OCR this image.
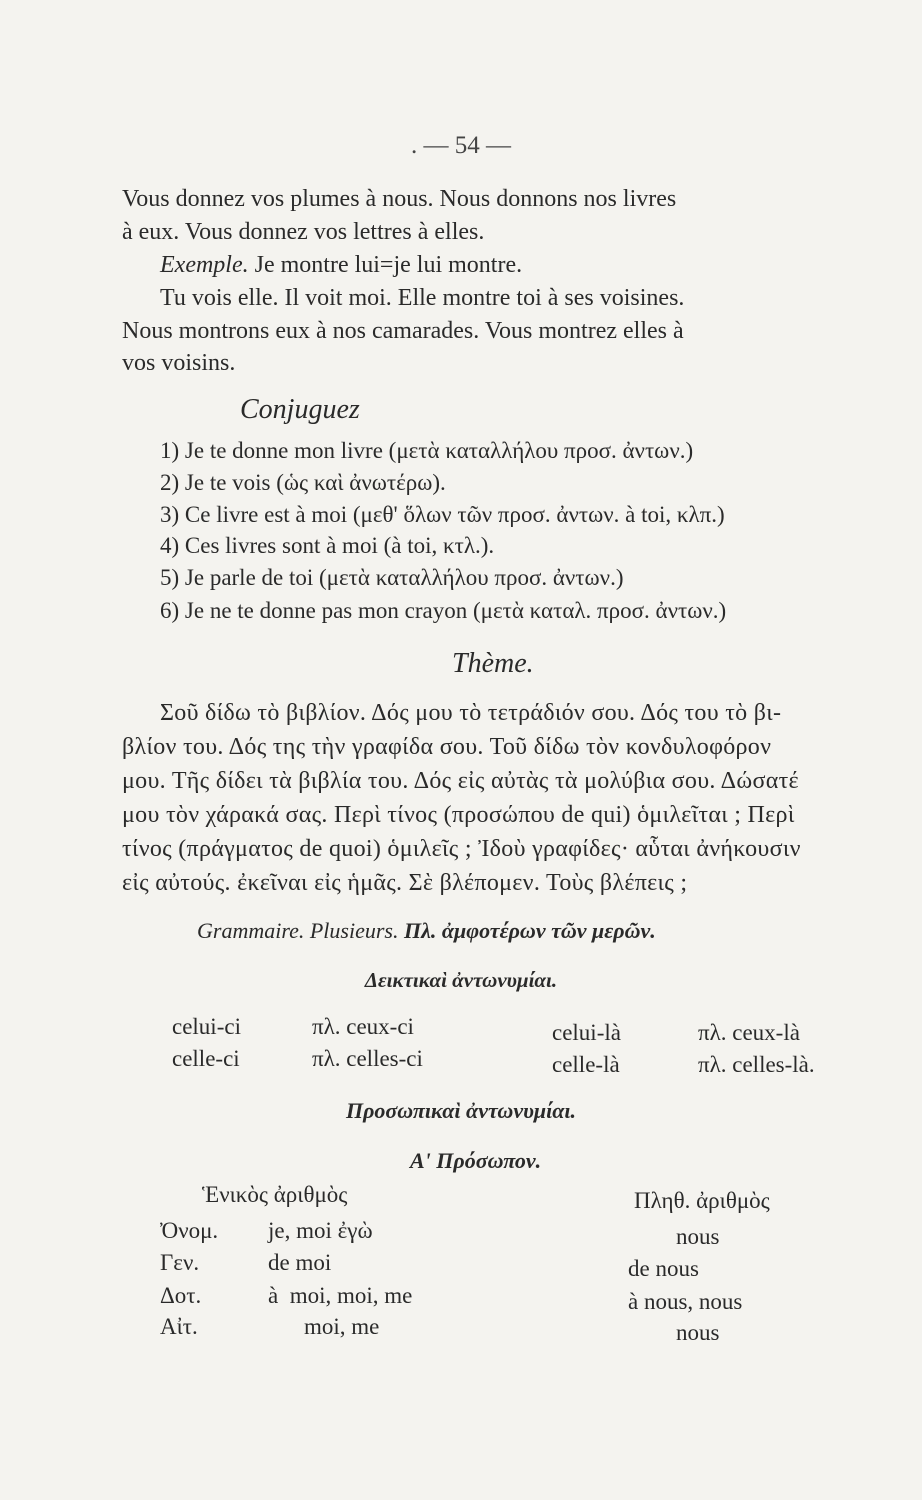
. — 54 —
Vous donnez vos plumes à nous. Nous donnons nos livres
à eux. Vous donnez vos lettres à elles.
Exemple. Je montre lui=je lui montre.
Tu vois elle. Il voit moi. Elle montre toi à ses voisines.
Nous montrons eux à nos camarades. Vous montrez elles à
vos voisins.
Conjuguez
1) Je te donne mon livre (μετὰ καταλλήλου προσ. ἀντων.)
2) Je te vois (ὡς καὶ ἀνωτέρω).
3) Ce livre est à moi (μεθ' ὅλων τῶν προσ. ἀντων. à toi, κλπ.)
4) Ces livres sont à moi (à toi, κτλ.).
5) Je parle de toi (μετὰ καταλλήλου προσ. ἀντων.)
6) Je ne te donne pas mon crayon (μετὰ καταλ. προσ. ἀντων.)
Thème.
Σοῦ δίδω τὸ βιβλίον. Δός μου τὸ τετράδιόν σου. Δός του τὸ βι-
βλίον του. Δός της τὴν γραφίδα σου. Τοῦ δίδω τὸν κονδυλοφόρον
μου. Τῆς δίδει τὰ βιβλία του. Δός εἰς αὐτὰς τὰ μολύβια σου. Δώσατέ
μου τὸν χάρακά σας. Περὶ τίνος (προσώπου de qui) ὁμιλεῖται ; Περὶ
τίνος (πράγματος de quoi) ὁμιλεῖς ; Ἰδοὺ γραφίδες· αὗται ἀνήκουσιν
εἰς αὐτούς. ἐκεῖναι εἰς ἡμᾶς. Σὲ βλέπομεν. Τοὺς βλέπεις ;
Grammaire. Plusieurs. Πλ. ἀμφοτέρων τῶν μερῶν.
Δεικτικαὶ ἀντωνυμίαι.
celui-ci	πλ. ceux-ci	celui-là	πλ. ceux-là
celle-ci	πλ. celles-ci	celle-là	πλ. celles-là.
Προσωπικαὶ ἀντωνυμίαι.
Α' Πρόσωπον.
Ἑνικὸς ἀριθμὸς	Πληθ. ἀριθμὸς
Ὀνομ. je, moi ἐγὼ	nous
Γεν.	de moi	de nous
Δοτ.	à  moi, moi, me	à nous, nous
Αἰτ.	moi, me	nous
